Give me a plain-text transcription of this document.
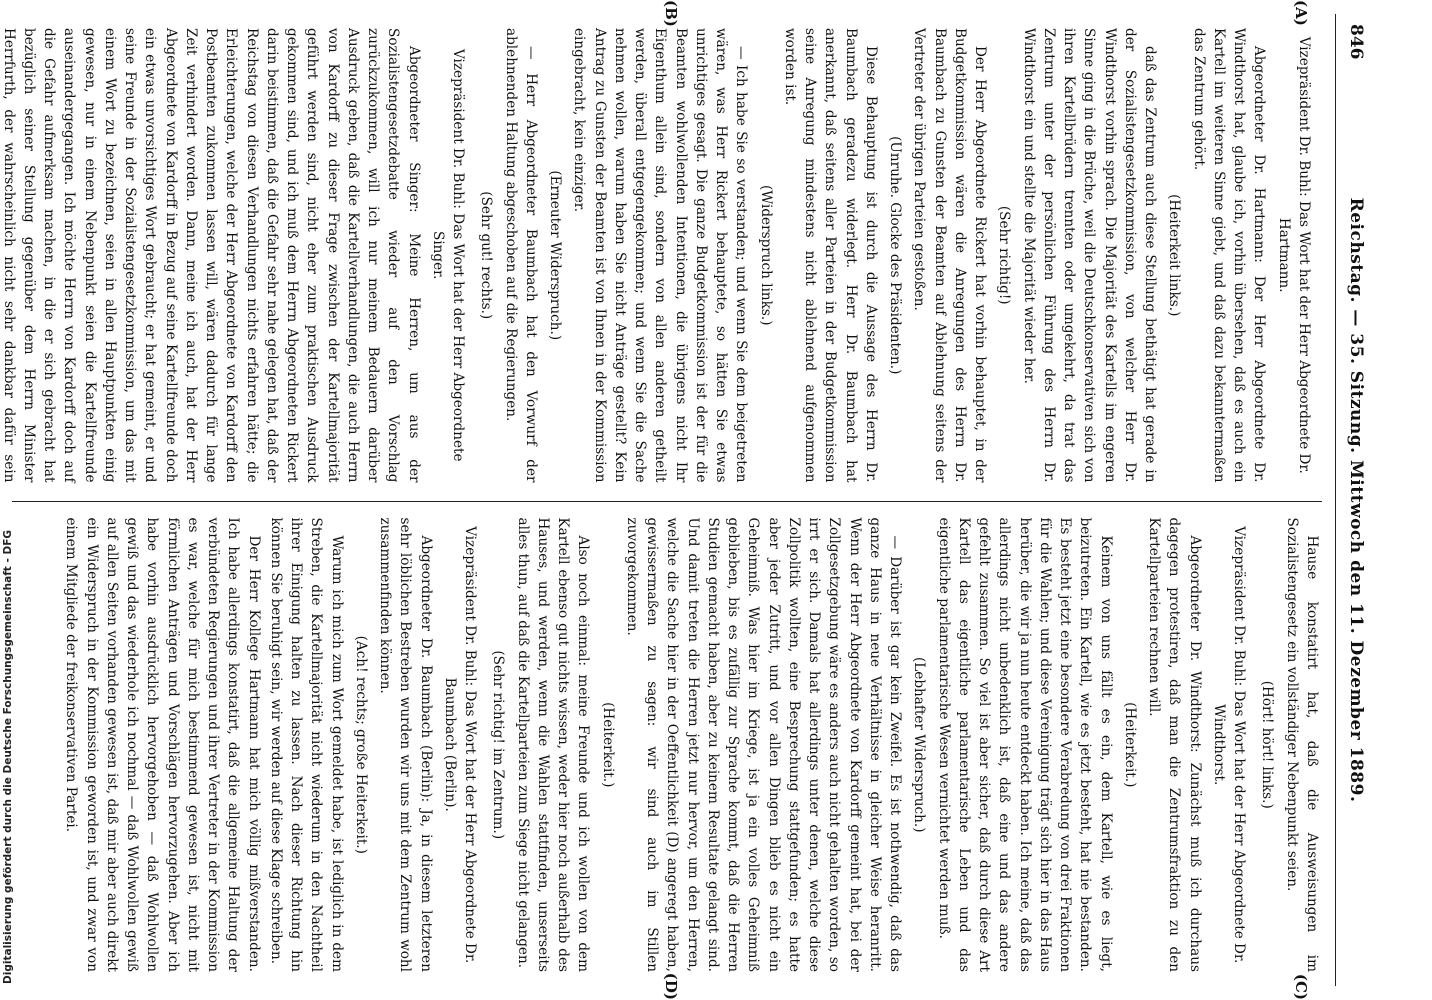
846
Reichstag. — 35. Sitzung. Mittwoch den 11. Dezember 1889.
(A)
(B)
(C)
(D)

Vizepräsident Dr. Buhl: Das Wort hat der Herr Abgeordnete Dr. Hartmann.

Abgeordneter Dr. Hartmann: Der Herr Abgeordnete Dr. Windthorst hat, glaube ich, vorhin übersehen, daß es auch ein Kartell im weiteren Sinne giebt, und daß dazu bekanntermaßen das Zentrum gehört.

(Heiterkeit links.)

daß das Zentrum auch diese Stellung bethätigt hat gerade in der Sozialistengesetzkommission, von welcher Herr Dr. Windthorst vorhin sprach. Die Majorität des Kartells im engeren Sinne ging in die Brüche, weil die Deutschkonservativen sich von ihren Kartellbrüdern trennten oder umgekehrt, da trat das Zentrum unter der persönlichen Führung des Herrn Dr. Windthorst ein und stellte die Majorität wieder her.

(Sehr richtig!)

Der Herr Abgeordnete Rickert hat vorhin behauptet, in der Budgetkommission wären die Anregungen des Herrn Dr. Baumbach zu Gunsten der Beamten auf Ablehnung seitens der Vertreter der übrigen Parteien gestoßen.

(Unruhe. Glocke des Präsidenten.)

Diese Behauptung ist durch die Aussage des Herrn Dr. Baumbach geradezu widerlegt. Herr Dr. Baumbach hat anerkannt, daß seitens aller Parteien in der Budgetkommission seine Anregung mindestens nicht ablehnend aufgenommen worden ist.

(Widerspruch links.)

— Ich habe Sie so verstanden; und wenn Sie dem beigetreten wären, was Herr Rickert behauptete, so hätten Sie etwas unrichtiges gesagt. Die ganze Budgetkommission ist der für die Beamten wohlwollenden Intentionen, die übrigens nicht Ihr Eigenthum allein sind, sondern von allen anderen getheilt werden, überall entgegengekommen; und wenn Sie die Sache nehmen wollen, warum haben Sie nicht Anträge gestellt? Kein Antrag zu Gunsten der Beamten ist von Ihnen in der Kommission eingebracht, kein einziger.

(Erneuter Widerspruch.)

— Herr Abgeordneter Baumbach hat den Vorwurf der ablehnenden Haltung abgeschoben auf die Regierungen.

(Sehr gut! rechts.)

Vizepräsident Dr. Buhl: Das Wort hat der Herr Abgeordnete Singer.

Abgeordneter Singer: Meine Herren, um aus der Sozialistengesetzdebatte wieder auf den Vorschlag zurückzukommen, will ich nur meinem Bedauern darüber Ausdruck geben, daß die Kartellverhandlungen, die auch Herrn von Kardorff zu dieser Frage zwischen der Kartellmajorität geführt werden sind, nicht eher zum praktischen Ausdruck gekommen sind, und ich muß dem Herrn Abgeordneten Rickert darin beistimmen, daß die Gefahr sehr nahe gelegen hat, daß der Reichstag von diesen Verhandlungen nichts erfahren hätte; die Erleichterungen, welche der Herr Abgeordnete von Kardorff den Postbeamten zukommen lassen will, wären dadurch für lange Zeit verhindert worden. Dann, meine ich auch, hat der Herr Abgeordnete von Kardorff in Bezug auf seine Kartellfreunde doch ein etwas unvorsichtiges Wort gebraucht; er hat gemeint, er und seine Freunde in der Sozialistengesetzkommission, um das mit einem Wort zu bezeichnen, seien in allen Hauptpunkten einig gewesen, nur in einem Nebenpunkt seien die Kartellfreunde auseinandergegangen. Ich möchte Herrn von Kardorff doch auf die Gefahr aufmerksam machen, in die er sich gebracht hat bezüglich seiner Stellung gegenüber dem Herrn Minister Herrfurth, der wahrscheinlich nicht sehr dankbar dafür sein

Hause konstatirt hat, daß die Ausweisungen im Sozialistengesetz ein vollständiger Nebenpunkt seien.

(Hört! hört! links.)

Vizepräsident Dr. Buhl: Das Wort hat der Herr Abgeordnete Dr. Windthorst.

Abgeordneter Dr. Windthorst: Zunächst muß ich durchaus dagegen protestiren, daß man die Zentrumsfraktion zu den Kartellparteien rechnen will.

(Heiterkeit.)

Keinem von uns fällt es ein, dem Kartell, wie es liegt, beizutreten. Ein Kartell, wie es jetzt besteht, hat nie bestanden. Es besteht jetzt eine besondere Verabredung von drei Fraktionen für die Wahlen; und diese Vereinigung trägt sich hier in das Haus herüber, die wir ja nun heute entdeckt haben. Ich meine, daß das allerdings nicht unbedenklich ist, daß eine und das andere gefehlt zusammen. So viel ist aber sicher, daß durch diese Art Kartell das eigentliche parlamentarische Leben und das eigentliche parlamentarische Wesen vernichtet werden muß.

(Lebhafter Widerspruch.)

— Darüber ist gar kein Zweifel. Es ist nothwendig, daß das ganze Haus in neue Verhältnisse in gleicher Weise heranritt. Wenn der Herr Abgeordnete von Kardorff gemeint hat, bei der Zollgesetzgebung wäre es anders auch nicht gehalten worden, so irrt er sich. Damals hat allerdings unter denen, welche diese Zollpolitik wollten, eine Besprechung stattgefunden; es hatte aber jeder Zutritt, und vor allen Dingen blieb es nicht ein Geheimniß. Was hier im Kriege, ist ja ein volles Geheimniß geblieben, bis es zufällig zur Sprache kommt, daß die Herren Studien gemacht haben, aber zu keinem Resultate gelangt sind. Und damit treten die Herren jetzt nur hervor, um den Herren, welche die Sache hier in der Oeffentlichkeit (D) angeregt haben, gewissermaßen zu sagen: wir sind auch im Stillen zuvorgekommen.

(Heiterkeit.)

Also noch einmal: meine Freunde und ich wollen von dem Kartell ebenso gut nichts wissen, weder hier noch außerhalb des Hauses, und werden, wenn die Wahlen stattfinden, unserseits alles thun, auf daß die Kartellparteien zum Siege nicht gelangen.

(Sehr richtig! im Zentrum.)

Vizepräsident Dr. Buhl: Das Wort hat der Herr Abgeordnete Dr. Baumbach (Berlin).

Abgeordneter Dr. Baumbach (Berlin): Ja, in diesem letzteren sehr löblichen Bestreben wurden wir uns mit dem Zentrum wohl zusammenfinden können.

(Ach! rechts; große Heiterkeit.)

Warum ich mich zum Wort gemeldet habe, ist lediglich in dem Streben, die Kartellmajorität nicht wiederum in den Nachtheil ihrer Einigung halten zu lassen. Nach dieser Richtung hin können Sie beruhigt sein, wir werden auf diese Klage schreiben.

Der Herr Kollege Hartmann hat mich völlig mißverstanden. Ich habe allerdings konstatirt, daß die allgemeine Haltung der verbündeten Regierungen und ihrer Vertreter in der Kommission es war, welche für mich bestimmend gewesen ist, nicht mit förmlichen Anträgen und Vorschlägen hervorzugehen. Aber ich habe vorhin ausdrücklich hervorgehoben — daß Wohlwollen gewiß und das wiederhole ich nochmal — daß Wohlwollen gewiß auf allen Seiten vorhanden gewesen ist, daß mir aber auch direkt ein Widerspruch in der Kommission geworden ist, und zwar von einem Mitgliede der freikonservativen Partei.

Digitalisierung gefördert durch die Deutsche Forschungsgemeinschaft - DFG
